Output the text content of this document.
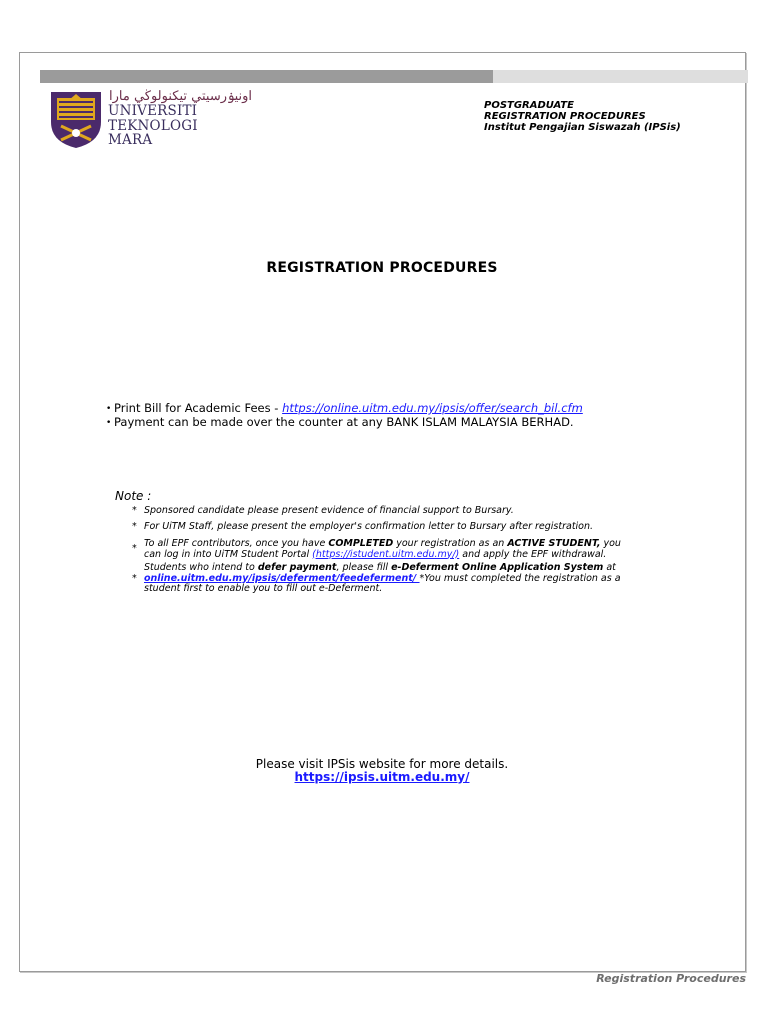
اونيۏرسيتي تيکنولوڬي مارا
UNIVERSITI
TEKNOLOGI
MARA
POSTGRADUATE
REGISTRATION PROCEDURES
Institut Pengajian Siswazah (IPSis)
REGISTRATION PROCEDURES
• Print Bill for Academic Fees - https://online.uitm.edu.my/ipsis/offer/search_bil.cfm
• Payment can be made over the counter at any BANK ISLAM MALAYSIA BERHAD.
Note :
* Sponsored candidate please present evidence of financial support to Bursary.
* For UiTM Staff, please present the employer's confirmation letter to Bursary after registration.
* To all EPF contributors, once you have COMPLETED your registration as an ACTIVE STUDENT, you
can log in into UiTM Student Portal (https://istudent.uitm.edu.my/) and apply the EPF withdrawal.
*
Students who intend to defer payment, please fill e-Deferment Online Application System at
online.uitm.edu.my/ipsis/deferment/feedeferment/ *You must completed the registration as a
student first to enable you to fill out e-Deferment.
Please visit IPSis website for more details.
https://ipsis.uitm.edu.my/
Registration Procedures
